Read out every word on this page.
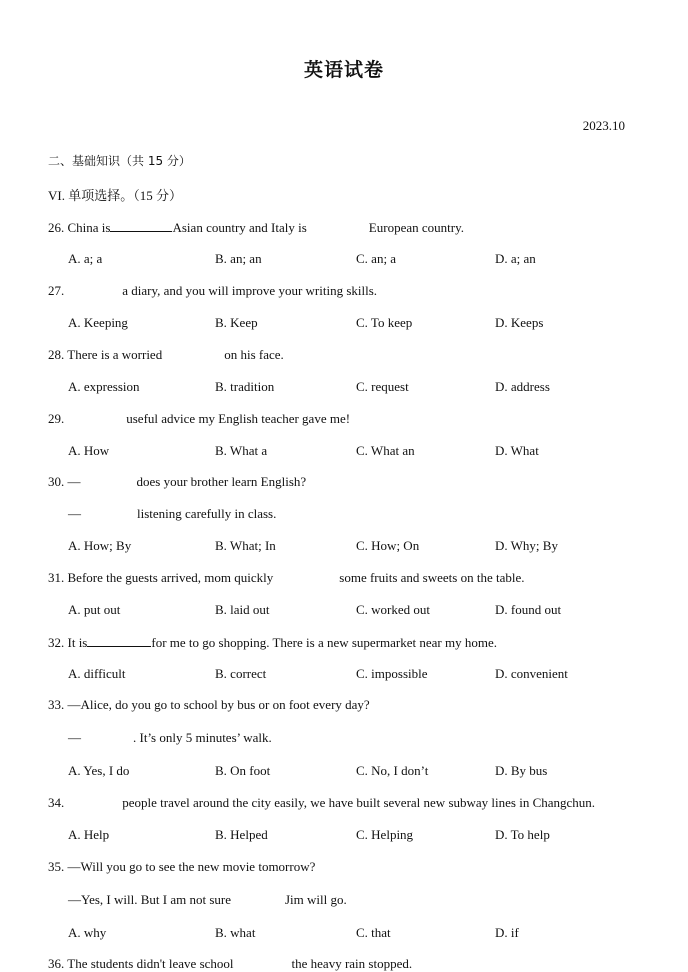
英语试卷
2023.10
二、基础知识（共 15 分）
VI. 单项选择。（15 分）
26. China is	Asian country and Italy is	European country.
A. a; a	B. an; an	C. an; a	D. a; an
27.	a diary, and you will improve your writing skills.
A. Keeping	B. Keep	C. To keep	D. Keeps
28. There is a worried	on his face.
A. expression	B. tradition	C. request	D. address
29.	useful advice my English teacher gave me!
A. How	B. What a	C. What an	D. What
30. —	does your brother learn English?
—	listening carefully in class.
A. How; By	B. What; In	C. How; On	D. Why; By
31. Before the guests arrived, mom quickly	some fruits and sweets on the table.
A. put out	B. laid out	C. worked out	D. found out
32. It is	for me to go shopping. There is a new supermarket near my home.
A. difficult	B. correct	C. impossible	D. convenient
33. —Alice, do you go to school by bus or on foot every day?
—	. It’s only 5 minutes’ walk.
A. Yes, I do	B. On foot	C. No, I don’t	D. By bus
34.	people travel around the city easily, we have built several new subway lines in Changchun.
A. Help	B. Helped	C. Helping	D. To help
35. —Will you go to see the new movie tomorrow?
—Yes, I will. But I am not sure	Jim will go.
A. why	B. what	C. that	D. if
36. The students didn't leave school	the heavy rain stopped.
